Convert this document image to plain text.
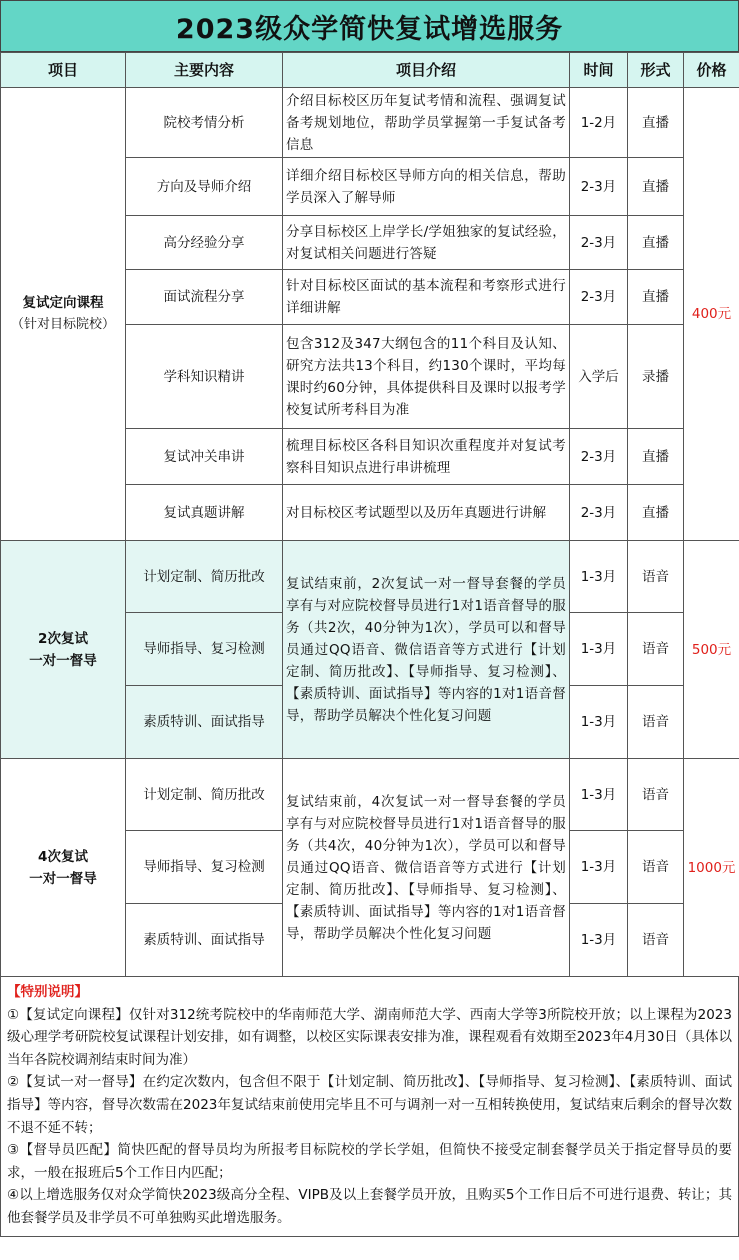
2023级众学简快复试增选服务
项目	主要内容	项目介绍	时间	形式	价格
复试定向课程
（针对目标院校）	院校考情分析	介绍目标校区历年复试考情和流程、强调复试备考规划地位，帮助学员掌握第一手复试备考信息	1-2月	直播	400元
	方向及导师介绍	详细介绍目标校区导师方向的相关信息，帮助学员深入了解导师	2-3月	直播	
	高分经验分享	分享目标校区上岸学长/学姐独家的复试经验，对复试相关问题进行答疑	2-3月	直播	
	面试流程分享	针对目标校区面试的基本流程和考察形式进行详细讲解	2-3月	直播	
	学科知识精讲	包含312及347大纲包含的11个科目及认知、研究方法共13个科目，约130个课时，平均每课时约60分钟，具体提供科目及课时以报考学校复试所考科目为准	入学后	录播	
	复试冲关串讲	梳理目标校区各科目知识次重程度并对复试考察科目知识点进行串讲梳理	2-3月	直播	
	复试真题讲解	对目标校区考试题型以及历年真题进行讲解	2-3月	直播	
2次复试
一对一督导	计划定制、简历批改	复试结束前，2次复试一对一督导套餐的学员享有与对应院校督导员进行1对1语音督导的服务（共2次，40分钟为1次），学员可以和督导员通过QQ语音、微信语音等方式进行【计划定制、简历批改】、【导师指导、复习检测】、【素质特训、面试指导】等内容的1对1语音督导，帮助学员解决个性化复习问题	1-3月	语音	500元
	导师指导、复习检测		1-3月	语音	
	素质特训、面试指导		1-3月	语音	
4次复试
一对一督导	计划定制、简历批改	复试结束前，4次复试一对一督导套餐的学员享有与对应院校督导员进行1对1语音督导的服务（共4次，40分钟为1次），学员可以和督导员通过QQ语音、微信语音等方式进行【计划定制、简历批改】、【导师指导、复习检测】、【素质特训、面试指导】等内容的1对1语音督导，帮助学员解决个性化复习问题	1-3月	语音	1000元
	导师指导、复习检测		1-3月	语音	
	素质特训、面试指导		1-3月	语音	
【特别说明】

①【复试定向课程】仅针对312统考院校中的华南师范大学、湖南师范大学、西南大学等3所院校开放；以上课程为2023级心理学考研院校复试课程计划安排，如有调整，以校区实际课表安排为准，课程观看有效期至2023年4月30日（具体以当年各院校调剂结束时间为准）

②【复试一对一督导】在约定次数内，包含但不限于【计划定制、简历批改】、【导师指导、复习检测】、【素质特训、面试指导】等内容，督导次数需在2023年复试结束前使用完毕且不可与调剂一对一互相转换使用，复试结束后剩余的督导次数不退不延不转；

③【督导员匹配】简快匹配的督导员均为所报考目标院校的学长学姐，但简快不接受定制套餐学员关于指定督导员的要求，一般在报班后5个工作日内匹配；

④以上增选服务仅对众学简快2023级高分全程、VIPB及以上套餐学员开放，且购买5个工作日后不可进行退费、转让；其他套餐学员及非学员不可单独购买此增选服务。
